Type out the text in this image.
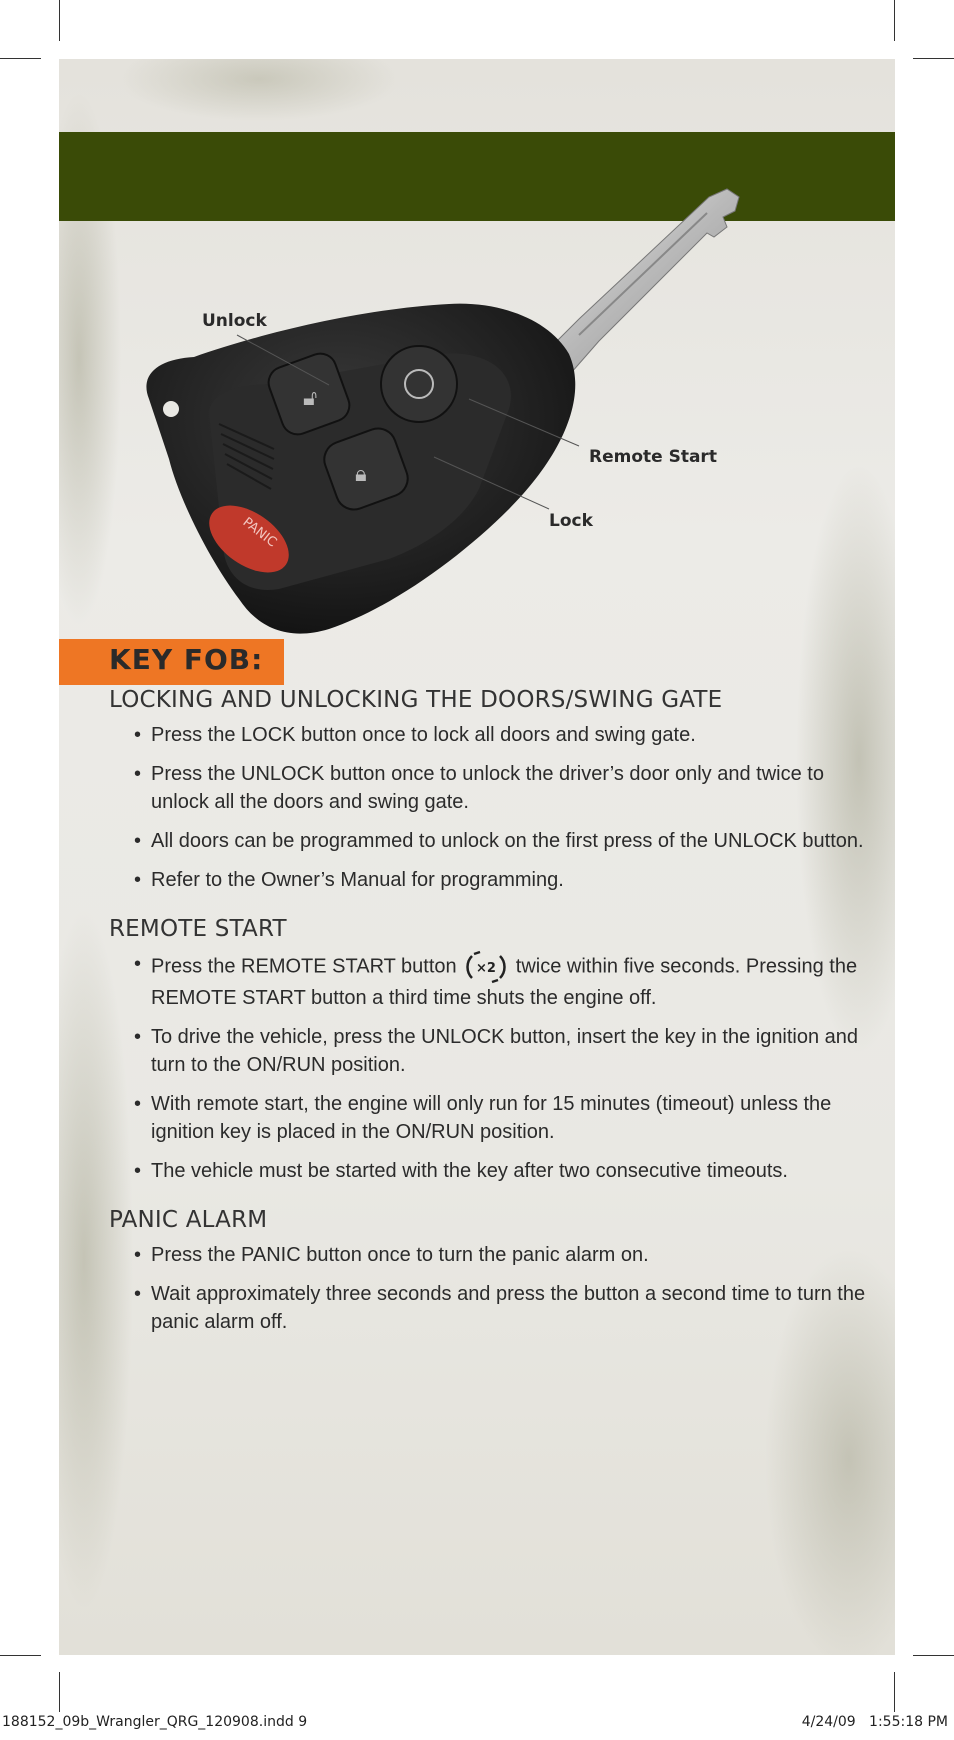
🔓︎
🔒︎
PANIC
Unlock
Remote Start
Lock
KEY FOB:
LOCKING AND UNLOCKING THE DOORS/SWING GATE
• Press the LOCK button once to lock all doors and swing gate.
• Press the UNLOCK button once to unlock the driver’s door only and twice to unlock all the doors and swing gate.
• All doors can be programmed to unlock on the first press of the UNLOCK button.
• Refer to the Owner’s Manual for programming.
REMOTE START
• Press the REMOTE START button ×2 twice within five seconds. Pressing the REMOTE START button a third time shuts the engine off.
• To drive the vehicle, press the UNLOCK button, insert the key in the ignition and turn to the ON/RUN position.
• With remote start, the engine will only run for 15 minutes (timeout) unless the ignition key is placed in the ON/RUN position.
• The vehicle must be started with the key after two consecutive timeouts.
PANIC ALARM
• Press the PANIC button once to turn the panic alarm on.
• Wait approximately three seconds and press the button a second time to turn the panic alarm off.
188152_09b_Wrangler_QRG_120908.indd 9	4/24/09   1:55:18 PM
